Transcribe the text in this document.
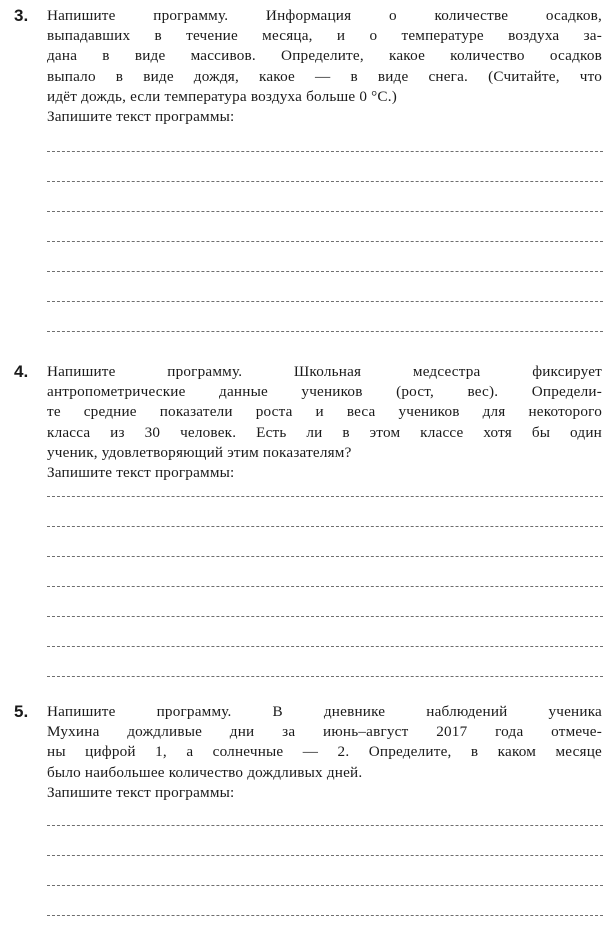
3. Напишите программу. Информация о количестве осадков,
выпадавших в течение месяца, и о температуре воздуха за-
дана в виде массивов. Определите, какое количество осадков
выпало в виде дождя, какое — в виде снега. (Считайте, что
идёт дождь, если температура воздуха больше 0 °С.)
Запишите текст программы:
4. Напишите программу. Школьная медсестра фиксирует
антропометрические данные учеников (рост, вес). Определи-
те средние показатели роста и веса учеников для некоторого
класса из 30 человек. Есть ли в этом классе хотя бы один
ученик, удовлетворяющий этим показателям?
Запишите текст программы:
5. Напишите программу. В дневнике наблюдений ученика
Мухина дождливые дни за июнь–август 2017 года отмече-
ны цифрой 1, а солнечные — 2. Определите, в каком месяце
было наибольшее количество дождливых дней.
Запишите текст программы:
